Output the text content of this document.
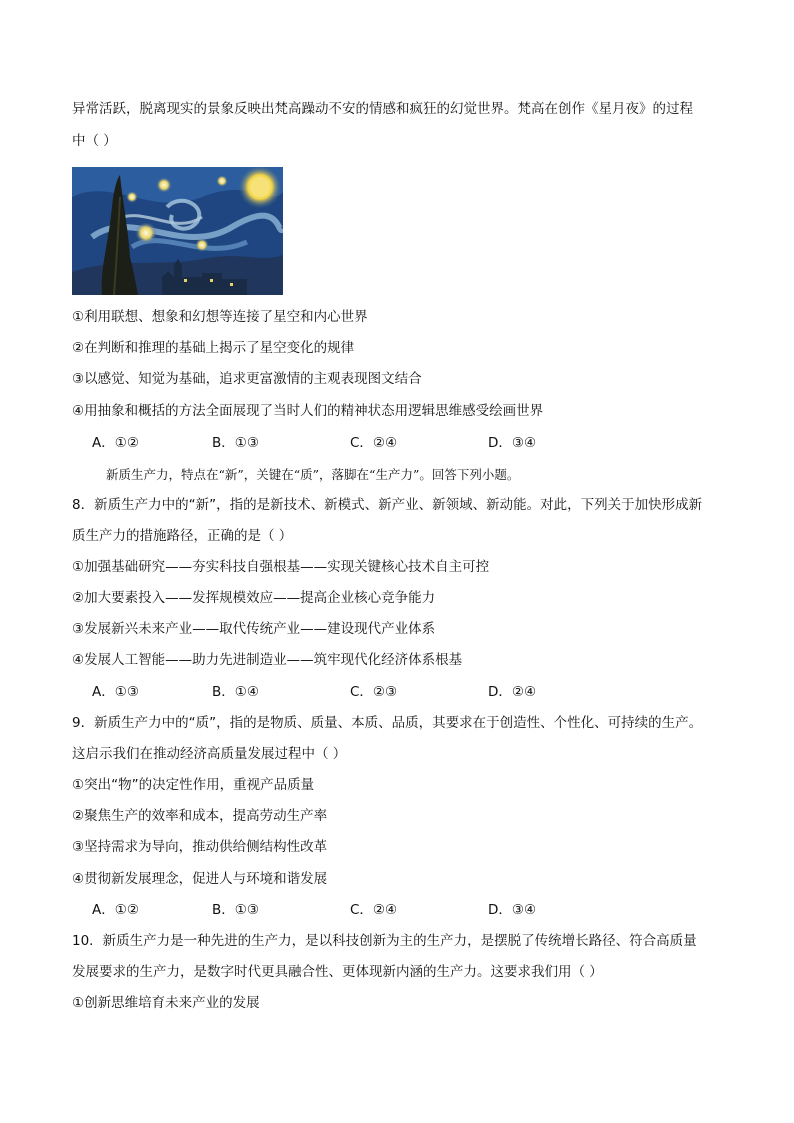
异常活跃，脱离现实的景象反映出梵高躁动不安的情感和疯狂的幻觉世界。梵高在创作《星月夜》的过程
中（ ）
①利用联想、想象和幻想等连接了星空和内心世界
②在判断和推理的基础上揭示了星空变化的规律
③以感觉、知觉为基础，追求更富激情的主观表现图文结合
④用抽象和概括的方法全面展现了当时人们的精神状态用逻辑思维感受绘画世界
A．①②	B．①③	C．②④	D．③④
新质生产力，特点在“新”，关键在“质”，落脚在“生产力”。回答下列小题。
8．新质生产力中的“新”，指的是新技术、新模式、新产业、新领域、新动能。对此，下列关于加快形成新
质生产力的措施路径，正确的是（ ）
①加强基础研究——夯实科技自强根基——实现关键核心技术自主可控
②加大要素投入——发挥规模效应——提高企业核心竞争能力
③发展新兴未来产业——取代传统产业——建设现代产业体系
④发展人工智能——助力先进制造业——筑牢现代化经济体系根基
A．①③	B．①④	C．②③	D．②④
9．新质生产力中的“质”，指的是物质、质量、本质、品质，其要求在于创造性、个性化、可持续的生产。
这启示我们在推动经济高质量发展过程中（ ）
①突出“物”的决定性作用，重视产品质量
②聚焦生产的效率和成本，提高劳动生产率
③坚持需求为导向，推动供给侧结构性改革
④贯彻新发展理念，促进人与环境和谐发展
A．①②	B．①③	C．②④	D．③④
10．新质生产力是一种先进的生产力，是以科技创新为主的生产力，是摆脱了传统增长路径、符合高质量
发展要求的生产力，是数字时代更具融合性、更体现新内涵的生产力。这要求我们用（ ）
①创新思维培育未来产业的发展
